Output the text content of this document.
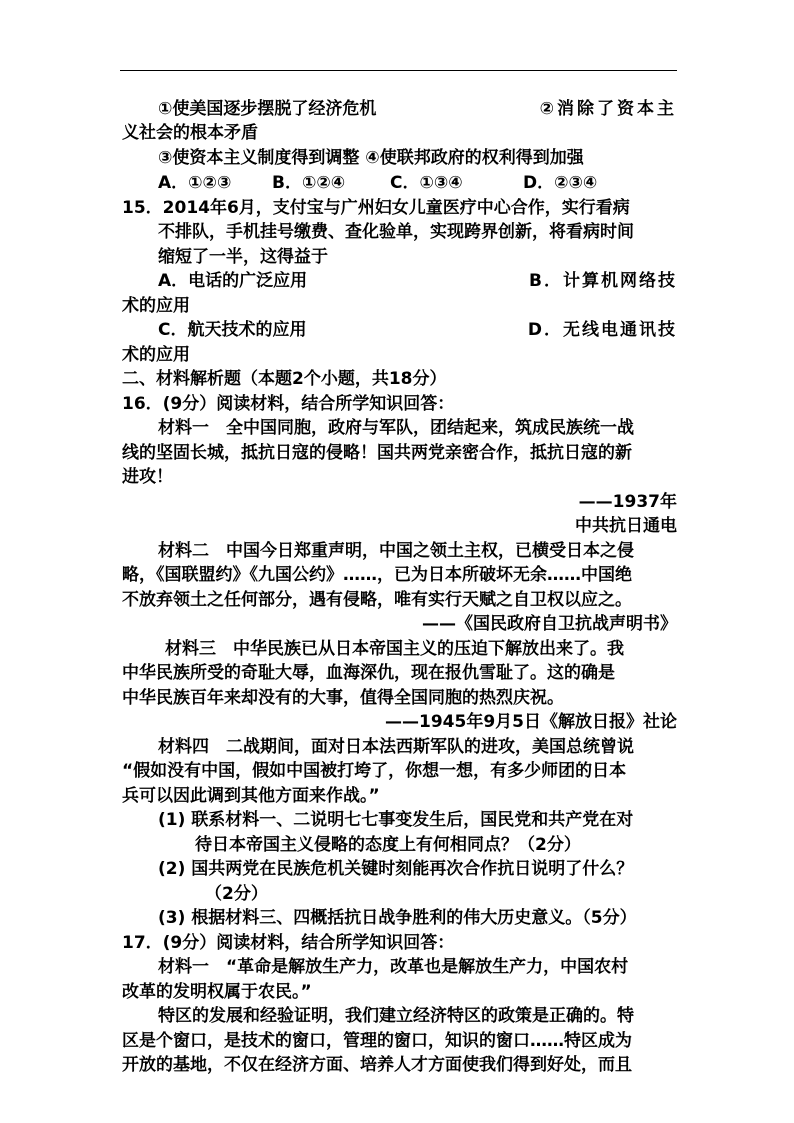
①使美国逐步摆脱了经济危机	②消除了资本主
义社会的根本矛盾
③使资本主义制度得到调整 ④使联邦政府的权利得到加强
A．①②③ B．①②④	C．①③④	D．②③④
15．2014年6月，支付宝与广州妇女儿童医疗中心合作，实行看病
不排队，手机挂号缴费、查化验单，实现跨界创新，将看病时间
缩短了一半，这得益于
A．电话的广泛应用	B．计算机网络技
术的应用
C．航天技术的应用	D．无线电通讯技
术的应用
二、材料解析题（本题2个小题，共18分）
16．(9分）阅读材料，结合所学知识回答：
材料一　全中国同胞，政府与军队，团结起来，筑成民族统一战
线的坚固长城，抵抗日寇的侵略！国共两党亲密合作，抵抗日寇的新
进攻！
——1937年
中共抗日通电
材料二　中国今日郑重声明，中国之领土主权，已横受日本之侵
略，《国联盟约》《九国公约》……，已为日本所破坏无余……中国绝
不放弃领土之任何部分，遇有侵略，唯有实行天赋之自卫权以应之。
——《国民政府自卫抗战声明书》
材料三　中华民族已从日本帝国主义的压迫下解放出来了。我
中华民族所受的奇耻大辱，血海深仇，现在报仇雪耻了。这的确是
中华民族百年来却没有的大事，值得全国同胞的热烈庆祝。
——1945年9月5日《解放日报》社论
材料四　二战期间，面对日本法西斯军队的进攻，美国总统曾说
“假如没有中国，假如中国被打垮了，你想一想，有多少师团的日本
兵可以因此调到其他方面来作战。”
(1) 联系材料一、二说明七七事变发生后，国民党和共产党在对
待日本帝国主义侵略的态度上有何相同点？（2分）
(2) 国共两党在民族危机关键时刻能再次合作抗日说明了什么？
（2分）
(3) 根据材料三、四概括抗日战争胜利的伟大历史意义。（5分）
17．(9分）阅读材料，结合所学知识回答：
材料一　“革命是解放生产力，改革也是解放生产力，中国农村
改革的发明权属于农民。”
特区的发展和经验证明，我们建立经济特区的政策是正确的。特
区是个窗口，是技术的窗口，管理的窗口，知识的窗口……特区成为
开放的基地，不仅在经济方面、培养人才方面使我们得到好处，而且
